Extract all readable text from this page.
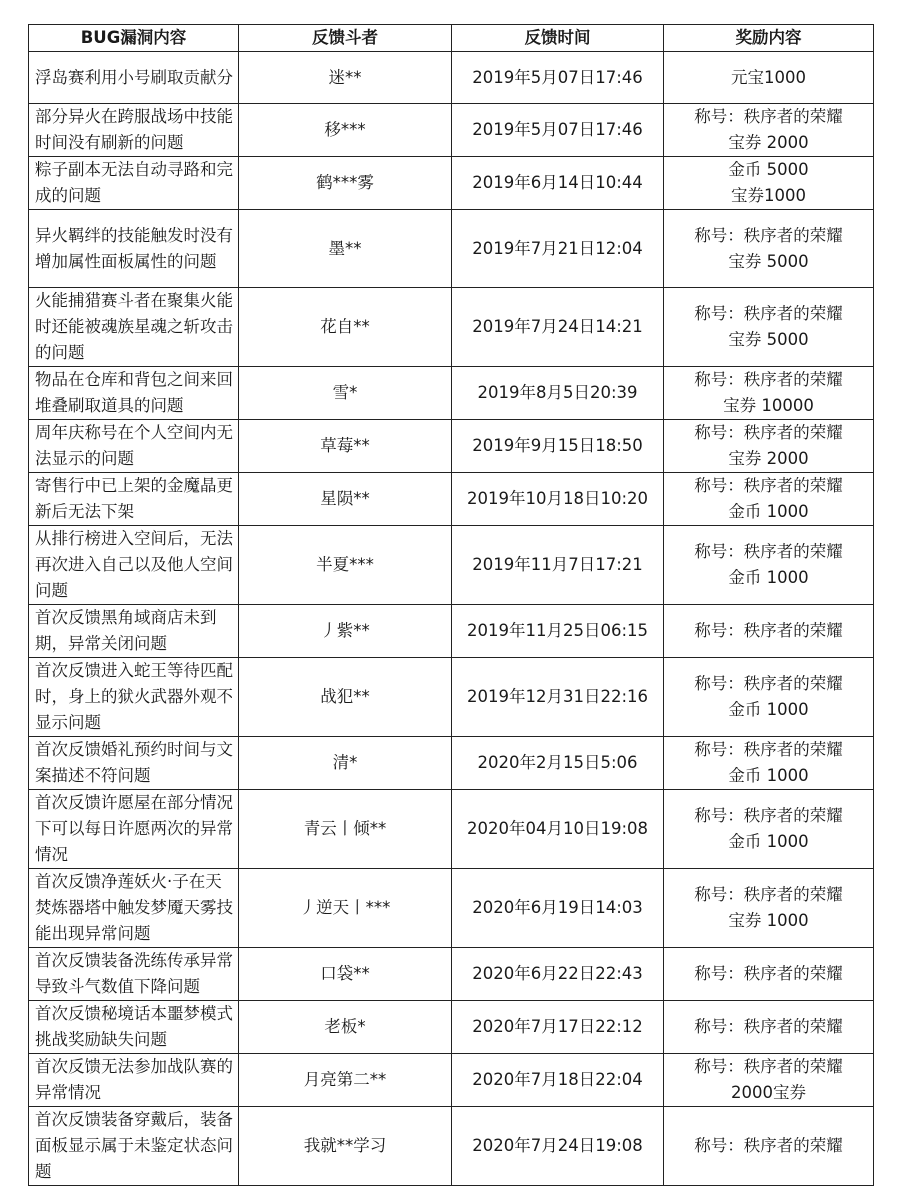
BUG漏洞内容	反馈斗者	反馈时间	奖励内容
浮岛赛利用小号刷取贡献分	迷**	2019年5月07日17:46	元宝1000
部分异火在跨服战场中技能时间没有刷新的问题	移***	2019年5月07日17:46	称号：秩序者的荣耀
宝券 2000
粽子副本无法自动寻路和完成的问题	鹤***雾	2019年6月14日10:44	金币 5000
宝券1000
异火羁绊的技能触发时没有增加属性面板属性的问题	墨**	2019年7月21日12:04	称号：秩序者的荣耀
宝券 5000
火能捕猎赛斗者在聚集火能时还能被魂族星魂之斩攻击的问题	花自**	2019年7月24日14:21	称号：秩序者的荣耀
宝券 5000
物品在仓库和背包之间来回堆叠刷取道具的问题	雪*	2019年8月5日20:39	称号：秩序者的荣耀
宝券 10000
周年庆称号在个人空间内无法显示的问题	草莓**	2019年9月15日18:50	称号：秩序者的荣耀
宝券 2000
寄售行中已上架的金魔晶更新后无法下架	星陨**	2019年10月18日10:20	称号：秩序者的荣耀
金币 1000
从排行榜进入空间后，无法再次进入自己以及他人空间问题	半夏***	2019年11月7日17:21	称号：秩序者的荣耀
金币 1000
首次反馈黑角域商店未到期，异常关闭问题	丿紫**	2019年11月25日06:15	称号：秩序者的荣耀
首次反馈进入蛇王等待匹配时，身上的狱火武器外观不显示问题	战犯**	2019年12月31日22:16	称号：秩序者的荣耀
金币 1000
首次反馈婚礼预约时间与文案描述不符问题	清*	2020年2月15日5:06	称号：秩序者的荣耀
金币 1000
首次反馈许愿屋在部分情况下可以每日许愿两次的异常情况	青云丨倾**	2020年04月10日19:08	称号：秩序者的荣耀
金币 1000
首次反馈净莲妖火·子在天焚炼器塔中触发梦魇天雾技能出现异常问题	丿逆天丨***	2020年6月19日14:03	称号：秩序者的荣耀
宝券 1000
首次反馈装备洗练传承异常导致斗气数值下降问题	口袋**	2020年6月22日22:43	称号：秩序者的荣耀
首次反馈秘境话本噩梦模式挑战奖励缺失问题	老板*	2020年7月17日22:12	称号：秩序者的荣耀
首次反馈无法参加战队赛的异常情况	月亮第二**	2020年7月18日22:04	称号：秩序者的荣耀
2000宝券
首次反馈装备穿戴后，装备面板显示属于未鉴定状态问题	我就**学习	2020年7月24日19:08	称号：秩序者的荣耀
